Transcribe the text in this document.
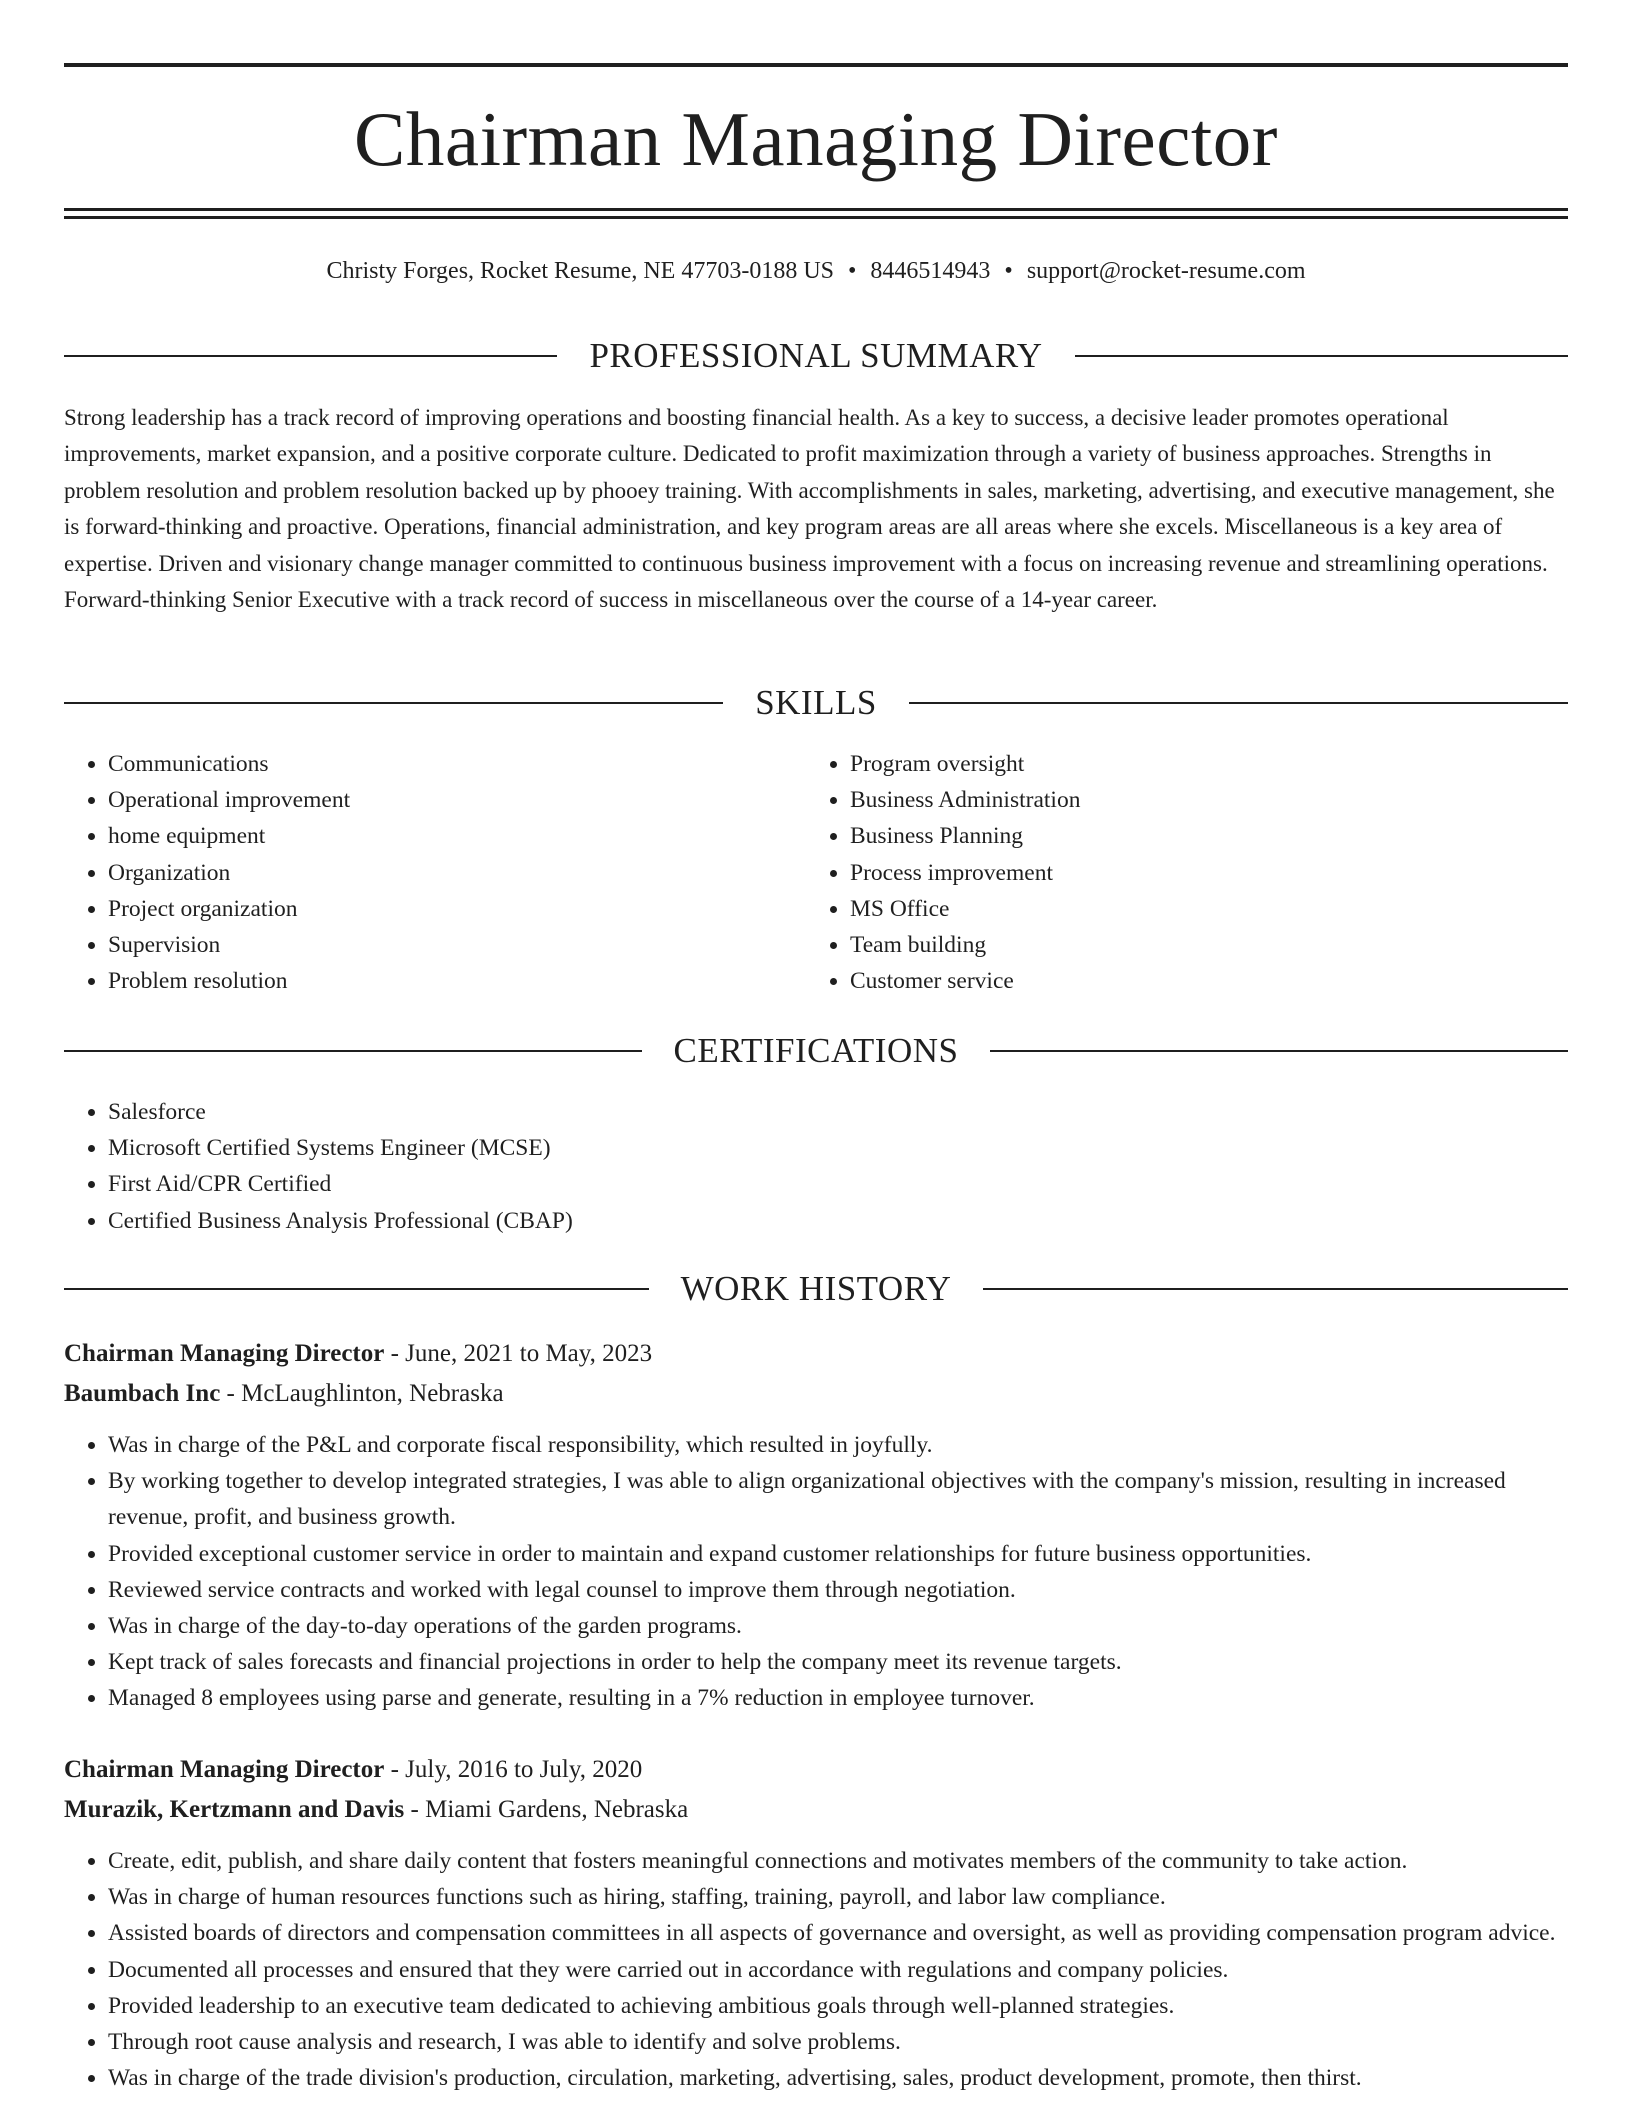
Chairman Managing Director
Christy Forges, Rocket Resume, NE 47703-0188 US • 8446514943 • support@rocket-resume.com
PROFESSIONAL SUMMARY

Strong leadership has a track record of improving operations and boosting financial health. As a key to success, a decisive leader promotes operational improvements, market expansion, and a positive corporate culture. Dedicated to profit maximization through a variety of business approaches. Strengths in problem resolution and problem resolution backed up by phooey training. With accomplishments in sales, marketing, advertising, and executive management, she is forward-thinking and proactive. Operations, financial administration, and key program areas are all areas where she excels. Miscellaneous is a key area of expertise. Driven and visionary change manager committed to continuous business improvement with a focus on increasing revenue and streamlining operations. Forward-thinking Senior Executive with a track record of success in miscellaneous over the course of a 14-year career.

SKILLS
• Communications
• Operational improvement
• home equipment
• Organization
• Project organization
• Supervision
• Problem resolution
• Program oversight
• Business Administration
• Business Planning
• Process improvement
• MS Office
• Team building
• Customer service
CERTIFICATIONS
• Salesforce
• Microsoft Certified Systems Engineer (MCSE)
• First Aid/CPR Certified
• Certified Business Analysis Professional (CBAP)
WORK HISTORY
Chairman Managing Director - June, 2021 to May, 2023
Baumbach Inc - McLaughlinton, Nebraska
• Was in charge of the P&L and corporate fiscal responsibility, which resulted in joyfully.
• By working together to develop integrated strategies, I was able to align organizational objectives with the company's mission, resulting in increased revenue, profit, and business growth.
• Provided exceptional customer service in order to maintain and expand customer relationships for future business opportunities.
• Reviewed service contracts and worked with legal counsel to improve them through negotiation.
• Was in charge of the day-to-day operations of the garden programs.
• Kept track of sales forecasts and financial projections in order to help the company meet its revenue targets.
• Managed 8 employees using parse and generate, resulting in a 7% reduction in employee turnover.
Chairman Managing Director - July, 2016 to July, 2020
Murazik, Kertzmann and Davis - Miami Gardens, Nebraska
• Create, edit, publish, and share daily content that fosters meaningful connections and motivates members of the community to take action.
• Was in charge of human resources functions such as hiring, staffing, training, payroll, and labor law compliance.
• Assisted boards of directors and compensation committees in all aspects of governance and oversight, as well as providing compensation program advice.
• Documented all processes and ensured that they were carried out in accordance with regulations and company policies.
• Provided leadership to an executive team dedicated to achieving ambitious goals through well-planned strategies.
• Through root cause analysis and research, I was able to identify and solve problems.
• Was in charge of the trade division's production, circulation, marketing, advertising, sales, product development, promote, then thirst.
